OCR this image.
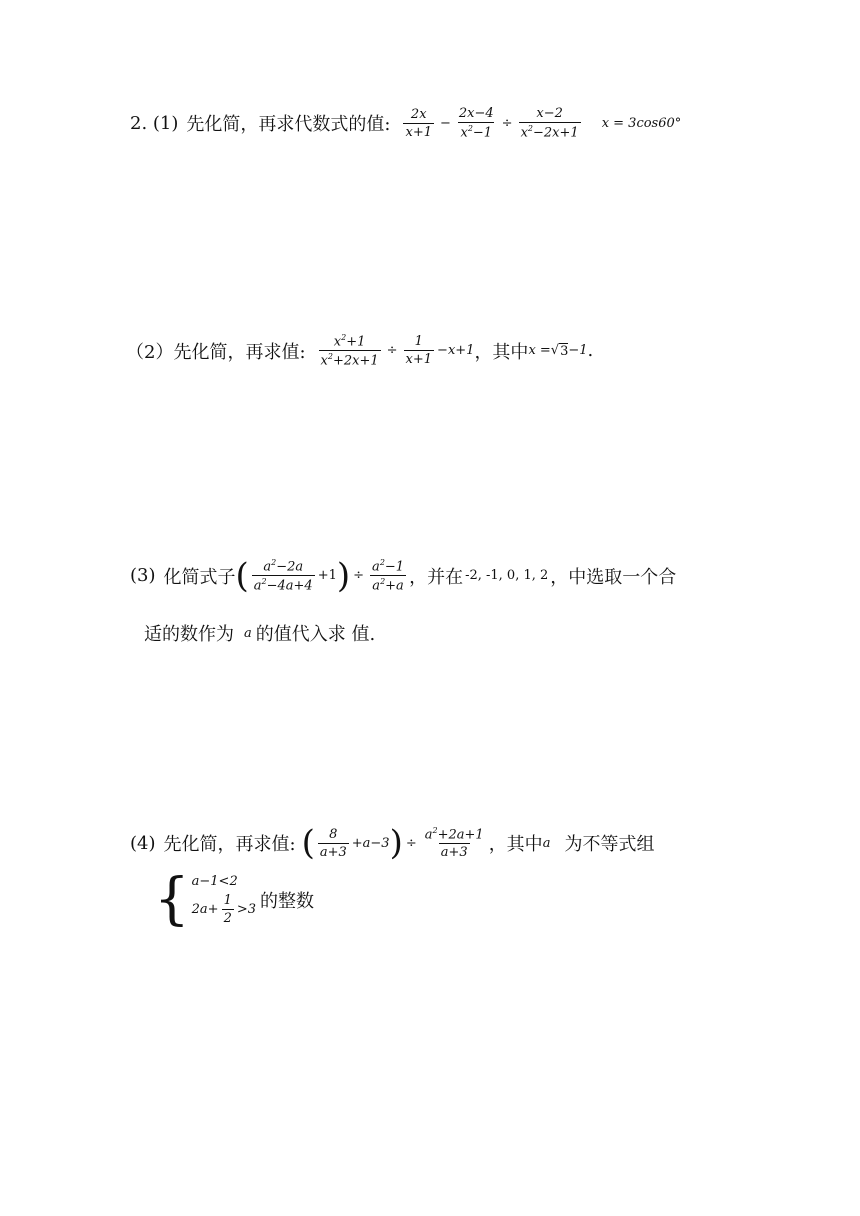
2. (1) 先化简，再求代数式的值: $\frac{2x}{x+1} - \frac{2x-4}{x^2-1} \div \frac{x-2}{x^2-2x+1}$ x = 3cos60°
（2） 先化简，再求值: $\frac{x^2+1}{x^2+2x+1} \div \frac{1}{x+1} -x+1$ ，其中 x = √ 3 −1 .
(3) 化简式子 ( $\frac{a^2-2a}{a^2-4a+4} +1$ ) ÷ $\frac{a^2-1}{a^2+a}$ ，并在 -2, -1, 0, 1, 2 ，中选取一个合
适的数作为 a 的值代入求 值.
(4) 先化简，再求值: ( $\frac{8}{a+3} +a-3$ ) ÷ $\frac{a^2+2a+1}{a+3}$ ，其中 a 为不等式组
{ a−1<2
$2a+ \frac{1}{2} >3$ 的整数
